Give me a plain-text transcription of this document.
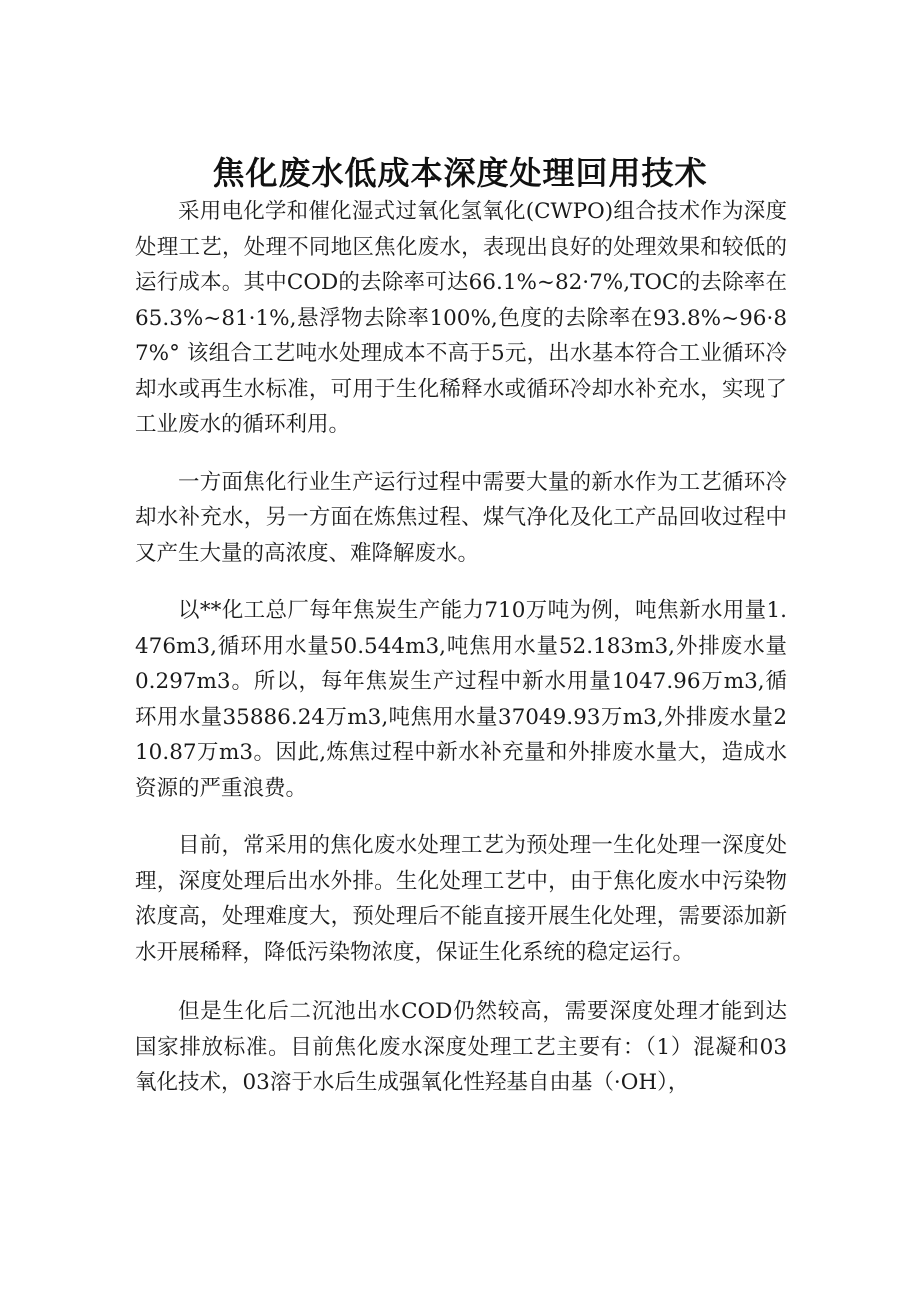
焦化废水低成本深度处理回用技术

采用电化学和催化湿式过氧化氢氧化(CWPO)组合技术作为深度处理工艺，处理不同地区焦化废水，表现出良好的处理效果和较低的运行成本。其中COD的去除率可达66.1%~82·7%,TOC的去除率在65.3%~81·1%,悬浮物去除率100%,色度的去除率在93.8%~96·87%° 该组合工艺吨水处理成本不高于5元，出水基本符合工业循环冷却水或再生水标准，可用于生化稀释水或循环冷却水补充水，实现了工业废水的循环利用。

一方面焦化行业生产运行过程中需要大量的新水作为工艺循环冷却水补充水，另一方面在炼焦过程、煤气净化及化工产品回收过程中又产生大量的高浓度、难降解废水。

以**化工总厂每年焦炭生产能力710万吨为例，吨焦新水用量1.476m3,循环用水量50.544m3,吨焦用水量52.183m3,外排废水量0.297m3。所以，每年焦炭生产过程中新水用量1047.96万m3,循环用水量35886.24万m3,吨焦用水量37049.93万m3,外排废水量210.87万m3。因此,炼焦过程中新水补充量和外排废水量大，造成水资源的严重浪费。

目前，常采用的焦化废水处理工艺为预处理一生化处理一深度处理，深度处理后出水外排。生化处理工艺中，由于焦化废水中污染物浓度高，处理难度大，预处理后不能直接开展生化处理，需要添加新水开展稀释，降低污染物浓度，保证生化系统的稳定运行。

但是生化后二沉池出水COD仍然较高，需要深度处理才能到达国家排放标准。目前焦化废水深度处理工艺主要有：（1）混凝和03氧化技术，03溶于水后生成强氧化性羟基自由基（·OH），
